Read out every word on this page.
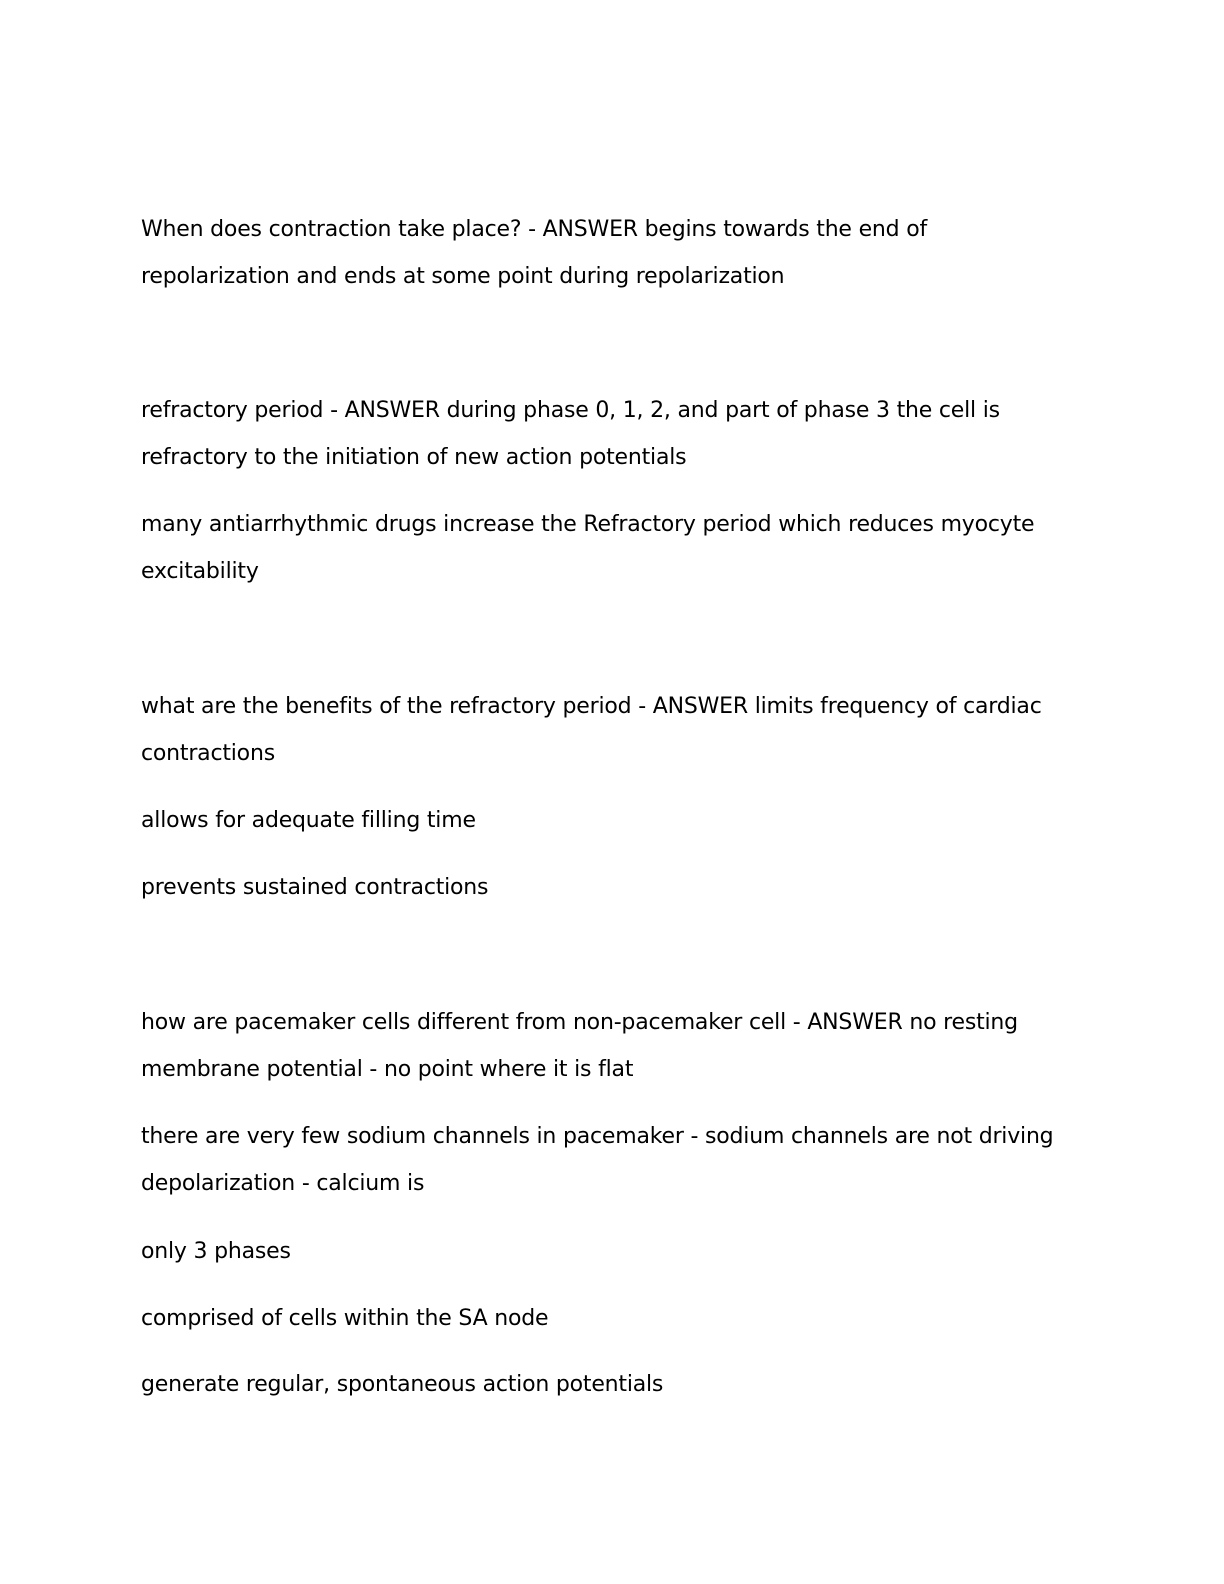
When does contraction take place? - ANSWER begins towards the end of
repolarization and ends at some point during repolarization

refractory period - ANSWER during phase 0, 1, 2, and part of phase 3 the cell is
refractory to the initiation of new action potentials

many antiarrhythmic drugs increase the Refractory period which reduces myocyte
excitability

what are the benefits of the refractory period - ANSWER limits frequency of cardiac
contractions

allows for adequate filling time

prevents sustained contractions

how are pacemaker cells different from non-pacemaker cell - ANSWER no resting
membrane potential - no point where it is flat

there are very few sodium channels in pacemaker - sodium channels are not driving
depolarization - calcium is

only 3 phases

comprised of cells within the SA node

generate regular, spontaneous action potentials
